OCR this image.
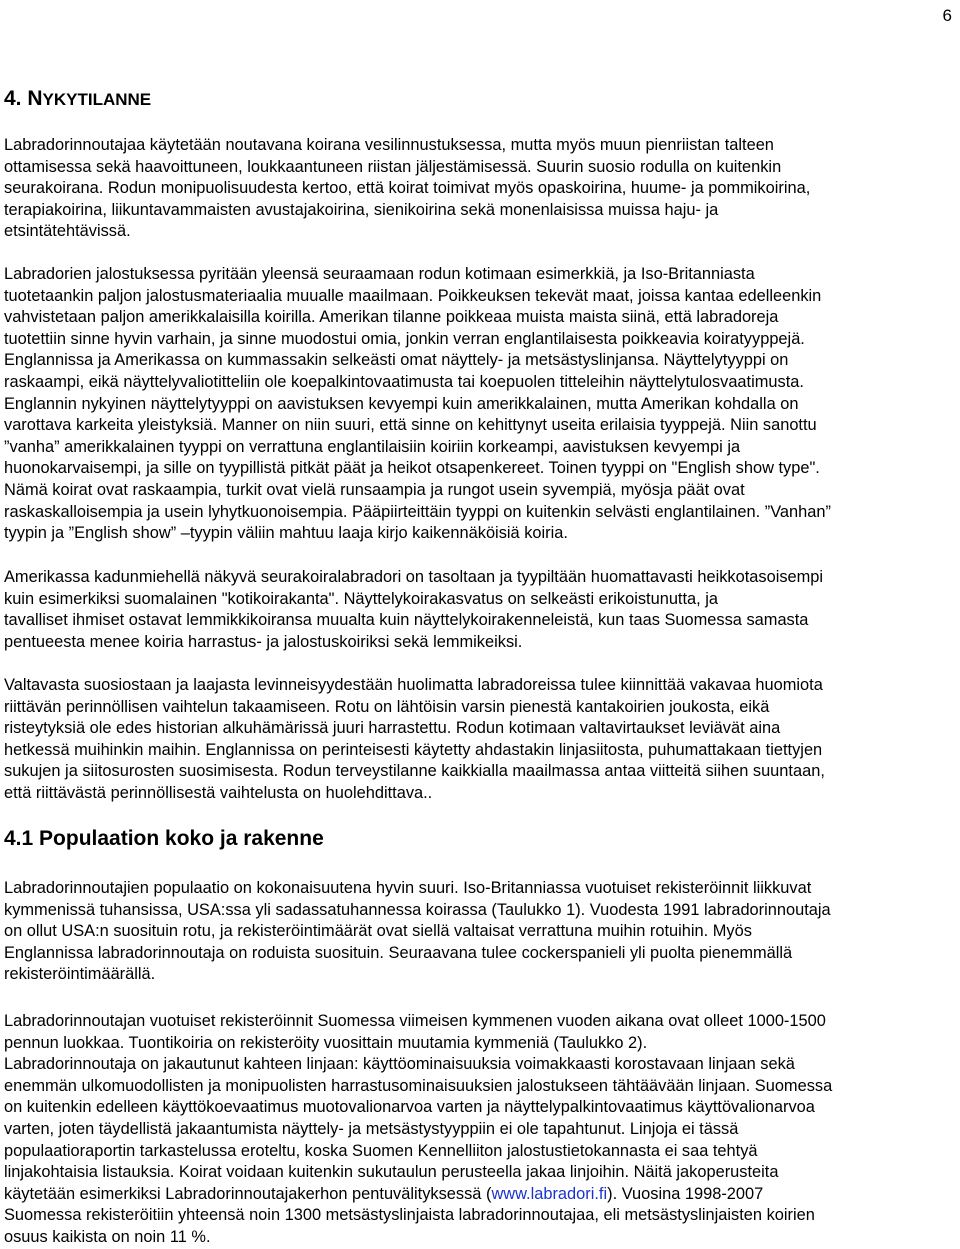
6
4. NYKYTILANNE
Labradorinnoutajaa käytetään noutavana koirana vesilinnustuksessa, mutta myös muun pienriistan talteen
ottamisessa sekä haavoittuneen, loukkaantuneen riistan jäljestämisessä. Suurin suosio rodulla on kuitenkin
seurakoirana. Rodun monipuolisuudesta kertoo, että koirat toimivat myös opaskoirina, huume- ja pommikoirina,
terapiakoirina, liikuntavammaisten avustajakoirina, sienikoirina sekä monenlaisissa muissa haju- ja
etsintätehtävissä.
Labradorien jalostuksessa pyritään yleensä seuraamaan rodun kotimaan esimerkkiä, ja Iso-Britanniasta
tuotetaankin paljon jalostusmateriaalia muualle maailmaan. Poikkeuksen tekevät maat, joissa kantaa edelleenkin
vahvistetaan paljon amerikkalaisilla koirilla. Amerikan tilanne poikkeaa muista maista siinä, että labradoreja
tuotettiin sinne hyvin varhain, ja sinne muodostui omia, jonkin verran englantilaisesta poikkeavia koiratyyppejä.
Englannissa ja Amerikassa on kummassakin selkeästi omat näyttely- ja metsästyslinjansa. Näyttelytyyppi on
raskaampi, eikä näyttelyvaliotitteliin ole koepalkintovaatimusta tai koepuolen titteleihin näyttelytulosvaatimusta.
Englannin nykyinen näyttelytyyppi on aavistuksen kevyempi kuin amerikkalainen, mutta Amerikan kohdalla on
varottava karkeita yleistyksiä. Manner on niin suuri, että sinne on kehittynyt useita erilaisia tyyppejä. Niin sanottu
”vanha” amerikkalainen tyyppi on verrattuna englantilaisiin koiriin korkeampi, aavistuksen kevyempi ja
huonokarvaisempi, ja sille on tyypillistä pitkät päät ja heikot otsapenkereet. Toinen tyyppi on "English show type".
Nämä koirat ovat raskaampia, turkit ovat vielä runsaampia ja rungot usein syvempiä, myösja päät ovat
raskaskalloisempia ja usein lyhytkuonoisempia. Pääpiirteittäin tyyppi on kuitenkin selvästi englantilainen. ”Vanhan”
tyypin ja ”English show” –tyypin väliin mahtuu laaja kirjo kaikennäköisiä koiria.
Amerikassa kadunmiehellä näkyvä seurakoiralabradori on tasoltaan ja tyypiltään huomattavasti heikkotasoisempi
kuin esimerkiksi suomalainen "kotikoirakanta". Näyttelykoirakasvatus on selkeästi erikoistunutta, ja
tavalliset ihmiset ostavat lemmikkikoiransa muualta kuin näyttelykoirakenneleistä, kun taas Suomessa samasta
pentueesta menee koiria harrastus- ja jalostuskoiriksi sekä lemmikeiksi.
Valtavasta suosiostaan ja laajasta levinneisyydestään huolimatta labradoreissa tulee kiinnittää vakavaa huomiota
riittävän perinnöllisen vaihtelun takaamiseen. Rotu on lähtöisin varsin pienestä kantakoirien joukosta, eikä
risteytyksiä ole edes historian alkuhämärissä juuri harrastettu. Rodun kotimaan valtavirtaukset leviävät aina
hetkessä muihinkin maihin. Englannissa on perinteisesti käytetty ahdastakin linjasiitosta, puhumattakaan tiettyjen
sukujen ja siitosurosten suosimisesta. Rodun terveystilanne kaikkialla maailmassa antaa viitteitä siihen suuntaan,
että riittävästä perinnöllisestä vaihtelusta on huolehdittava..
4.1 Populaation koko ja rakenne
Labradorinnoutajien populaatio on kokonaisuutena hyvin suuri. Iso-Britanniassa vuotuiset rekisteröinnit liikkuvat
kymmenissä tuhansissa, USA:ssa yli sadassatuhannessa koirassa (Taulukko 1). Vuodesta 1991 labradorinnoutaja
on ollut USA:n suosituin rotu, ja rekisteröintimäärät ovat siellä valtaisat verrattuna muihin rotuihin. Myös
Englannissa labradorinnoutaja on roduista suosituin. Seuraavana tulee cockerspanieli yli puolta pienemmällä
rekisteröintimäärällä.
Labradorinnoutajan vuotuiset rekisteröinnit Suomessa viimeisen kymmenen vuoden aikana ovat olleet 1000-1500
pennun luokkaa. Tuontikoiria on rekisteröity vuosittain muutamia kymmeniä (Taulukko 2).
Labradorinnoutaja on jakautunut kahteen linjaan: käyttöominaisuuksia voimakkaasti korostavaan linjaan sekä
enemmän ulkomuodollisten ja monipuolisten harrastusominaisuuksien jalostukseen tähtäävään linjaan. Suomessa
on kuitenkin edelleen käyttökoevaatimus muotovalionarvoa varten ja näyttelypalkintovaatimus käyttövalionarvoa
varten, joten täydellistä jakaantumista näyttely- ja metsästystyyppiin ei ole tapahtunut. Linjoja ei tässä
populaatioraportin tarkastelussa eroteltu, koska Suomen Kennelliiton jalostustietokannasta ei saa tehtyä
linjakohtaisia listauksia. Koirat voidaan kuitenkin sukutaulun perusteella jakaa linjoihin. Näitä jakoperusteita
käytetään esimerkiksi Labradorinnoutajakerhon pentuvälityksessä (www.labradori.fi). Vuosina 1998-2007
Suomessa rekisteröitiin yhteensä noin 1300 metsästyslinjaista labradorinnoutajaa, eli metsästyslinjaisten koirien
osuus kaikista on noin 11 %.
